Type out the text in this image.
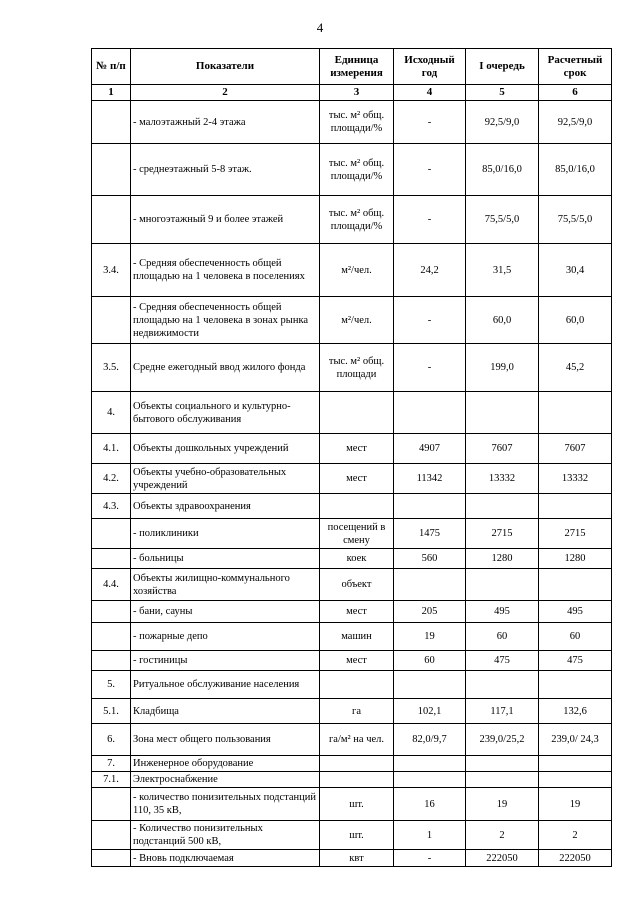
4
№ п/п	Показатели	Единица измерения	Исходный год	I очередь	Расчетный срок
1	2	3	4	5	6
	- малоэтажный 2-4 этажа	тыс. м² общ. площади/%	-	92,5/9,0	92,5/9,0
	- среднеэтажный 5-8 этаж.	тыс. м² общ. площади/%	-	85,0/16,0	85,0/16,0
	- многоэтажный 9 и более этажей	тыс. м² общ. площади/%	-	75,5/5,0	75,5/5,0
3.4.	- Средняя обеспеченность общей площадью на 1 человека в поселениях	м²/чел.	24,2	31,5	30,4
	- Средняя обеспеченность общей площадью на 1 человека в зонах рынка недвижимости	м²/чел.	-	60,0	60,0
3.5.	Средне ежегодный ввод жилого фонда	тыс. м² общ. площади	-	199,0	45,2
4.	Объекты социального и культурно-бытового обслуживания				
4.1.	Объекты дошкольных учреждений	мест	4907	7607	7607
4.2.	Объекты учебно-образовательных учреждений	мест	11342	13332	13332
4.3.	Объекты здравоохранения				
	- поликлиники	посещений в смену	1475	2715	2715
	- больницы	коек	560	1280	1280
4.4.	Объекты жилищно-коммунального хозяйства	объект			
	- бани, сауны	мест	205	495	495
	- пожарные депо	машин	19	60	60
	- гостиницы	мест	60	475	475
5.	Ритуальное обслуживание населения				
5.1.	Кладбища	га	102,1	117,1	132,6
6.	Зона мест общего пользования	га/м² на чел.	82,0/9,7	239,0/25,2	239,0/ 24,3
7.	Инженерное оборудование				
7.1.	Электроснабжение				
	- количество понизительных подстанций 110, 35 кВ,	шт.	16	19	19
	- Количество понизительных подстанций 500 кВ,	шт.	1	2	2
	- Вновь подключаемая	квт	-	222050	222050
